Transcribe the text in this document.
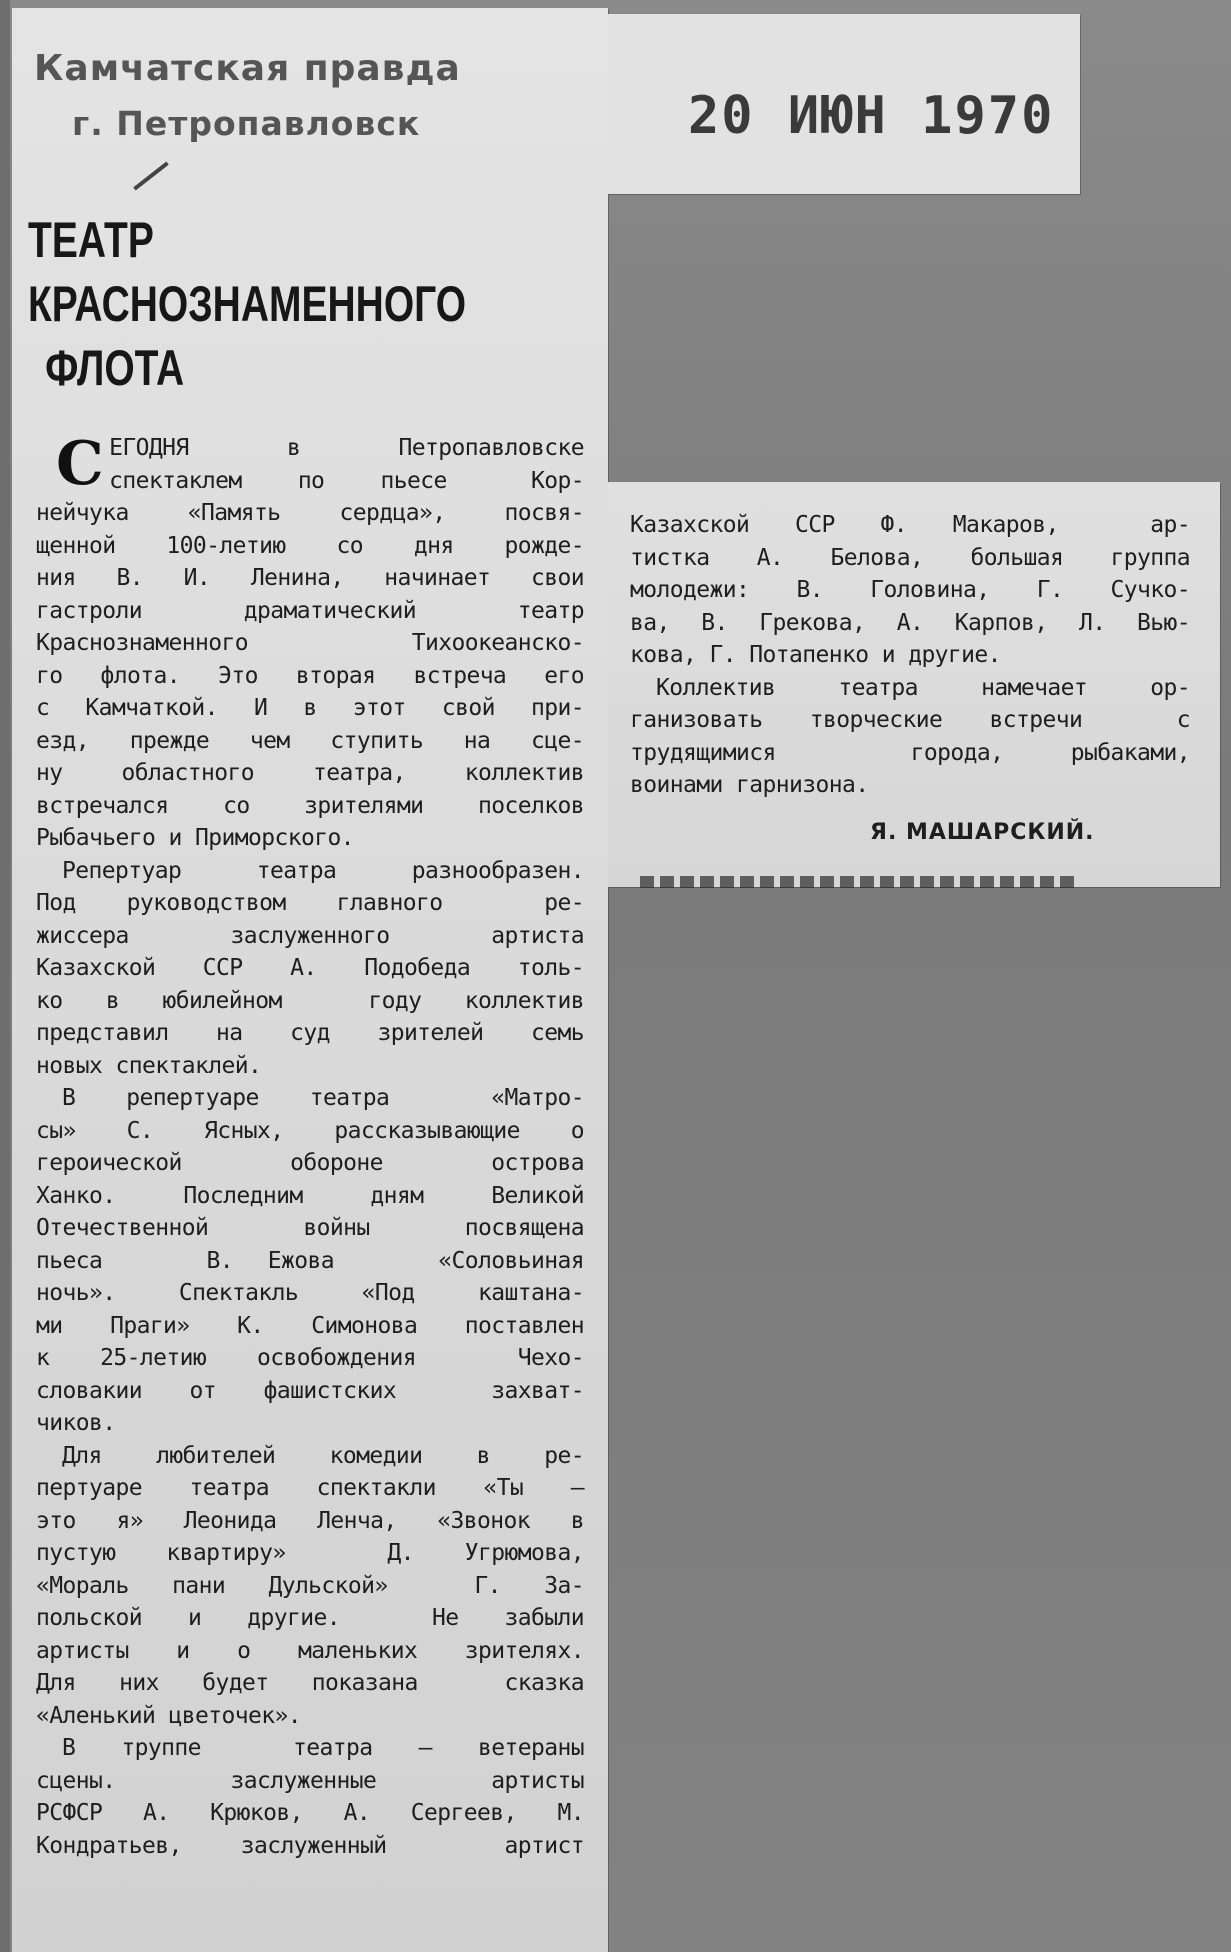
Камчатская правда
г. Петропавловск
ТЕАТР
КРАСНОЗНАМЕННОГО
ФЛОТА
С ЕГОДНЯ   в   Петропавловске
спектаклем  по  пьесе   Кор-
нейчука «Память сердца», посвя-
щенной 100-летию со дня рожде-
ния В. И. Ленина, начинает свои
гастроли  драматический  театр
Краснознаменного  Тихоокеанско-
го флота. Это вторая встреча его
с Камчаткой. И в этот свой при-
езд, прежде чем ступить на сце-
ну областного театра, коллектив
встречался со зрителями поселков
Рыбачьего и Приморского.
Репертуар театра разнообразен.
Под руководством главного  ре-
жиссера  заслуженного  артиста
Казахской ССР А. Подобеда толь-
ко в юбилейном  году коллектив
представил на суд зрителей семь
новых спектаклей.
В репертуаре театра  «Матро-
сы» С. Ясных, рассказывающие о
героической  обороне  острова
Ханко. Последним дням Великой
Отечественной войны посвящена
пьеса   В. Ежова   «Соловьиная
ночь». Спектакль «Под каштана-
ми Праги» К. Симонова поставлен
к 25-летию освобождения  Чехо-
словакии от фашистских  захват-
чиков.
Для любителей комедии в ре-
пертуаре театра спектакли «Ты —
это я» Леонида Ленча, «Звонок в
пустую квартиру»  Д. Угрюмова,
«Мораль пани Дульской»  Г. За-
польской и другие.  Не забыли
артисты и о маленьких зрителях.
Для них будет показана  сказка
«Аленький цветочек».
В труппе  театра — ветераны
сцены.  заслуженные  артисты
РСФСР А. Крюков, А. Сергеев, М.
Кондратьев, заслуженный  артист
20 ИЮН 1970
Казахской ССР Ф. Макаров,  ар-
тистка А. Белова, большая группа
молодежи: В. Головина, Г. Сучко-
ва, В. Грекова, А. Карпов, Л. Вью-
кова, Г. Потапенко и другие.
Коллектив театра намечает ор-
ганизовать творческие встречи  с
трудящимися  города, рыбаками,
воинами гарнизона.
Я. МАШАРСКИЙ.
